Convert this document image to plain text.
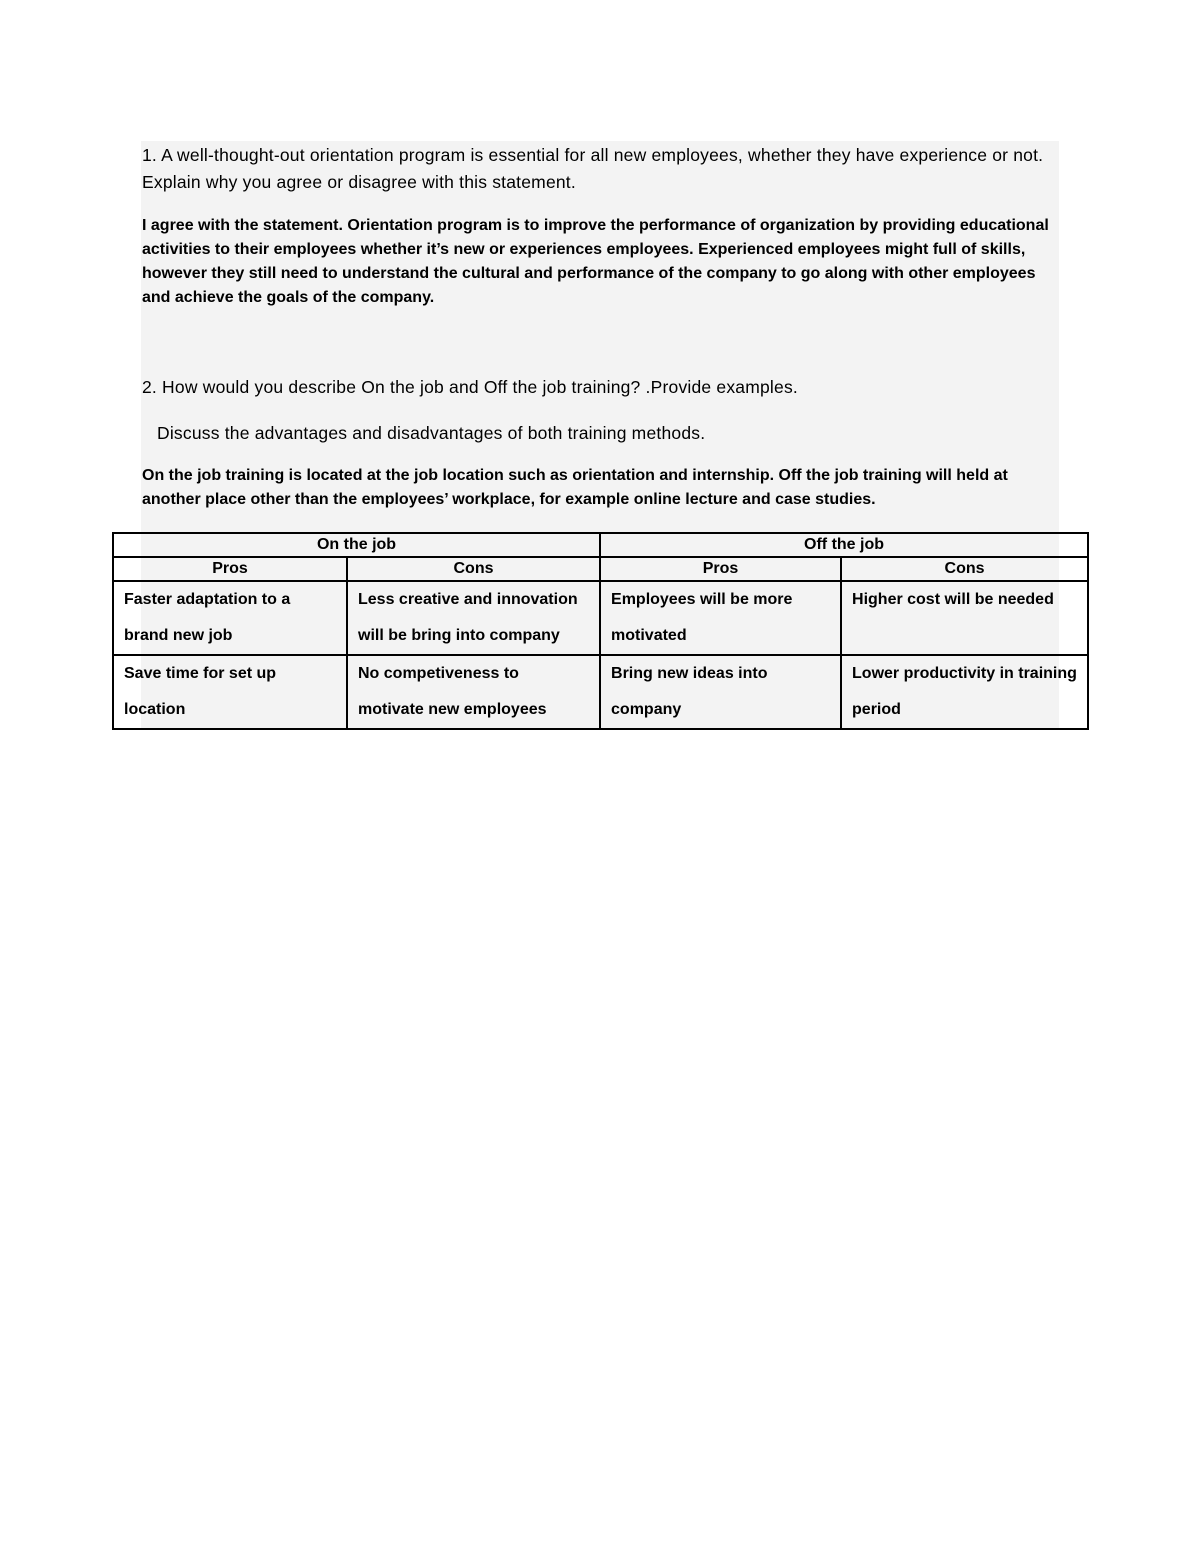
1. A well-thought-out orientation program is essential for all new employees, whether they have experience or not. Explain why you agree or disagree with this statement.

I agree with the statement. Orientation program is to improve the performance of organization by providing educational activities to their employees whether it’s new or experiences employees. Experienced employees might full of skills, however they still need to understand the cultural and performance of the company to go along with other employees and achieve the goals of the company.

2. How would you describe On the job and Off the job training? .Provide examples.

Discuss the advantages and disadvantages of both training methods.

On the job training is located at the job location such as orientation and internship. Off the job training will held at another place other than the employees’ workplace, for example online lecture and case studies.

On the job		Off the job	
Pros	Cons	Pros	Cons
Faster adaptation to a brand new job	Less creative and innovation will be bring into company	Employees will be more motivated	Higher cost will be needed
Save time for set up location	No competiveness to motivate new employees	Bring new ideas into company	Lower productivity in training period
